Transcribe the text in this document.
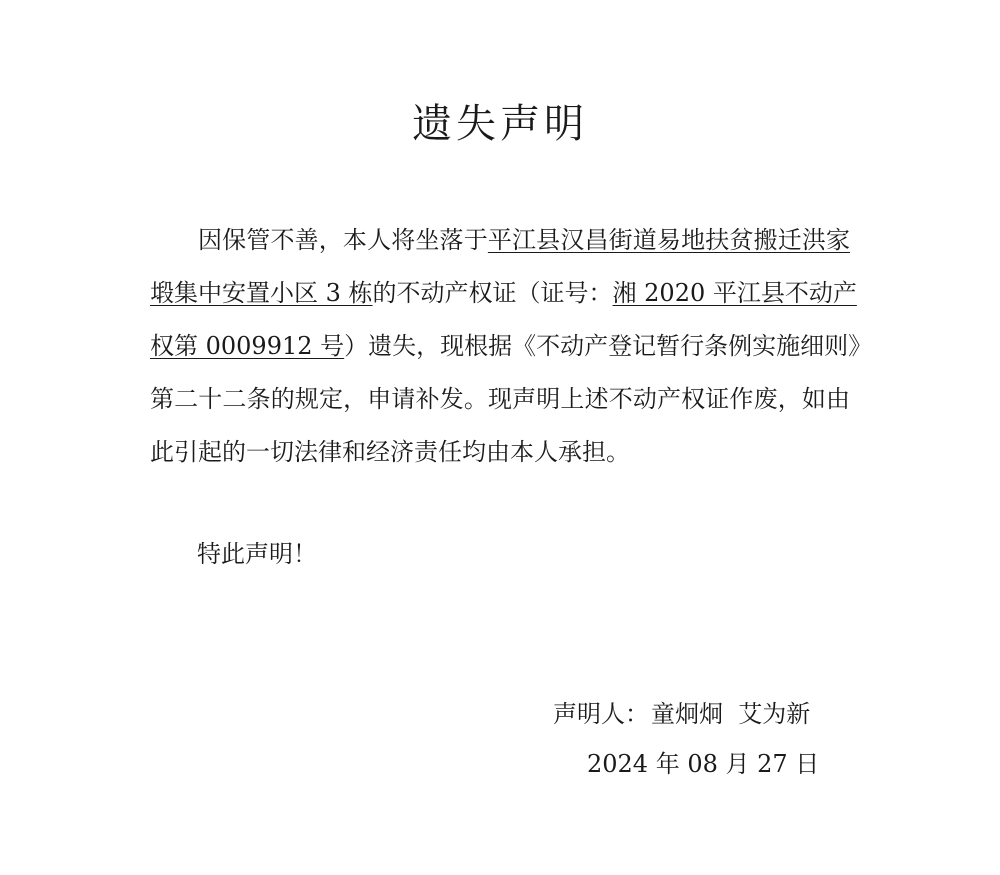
遗失声明
因保管不善，本人将坐落于平江县汉昌街道易地扶贫搬迁洪家
塅集中安置小区 3 栋的不动产权证（证号：湘 2020 平江县不动产
权第 0009912 号）遗失，现根据《不动产登记暂行条例实施细则》
第二十二条的规定，申请补发。现声明上述不动产权证作废，如由
此引起的一切法律和经济责任均由本人承担。
特此声明！
声明人：童炯炯  艾为新
2024 年 08 月 27 日
